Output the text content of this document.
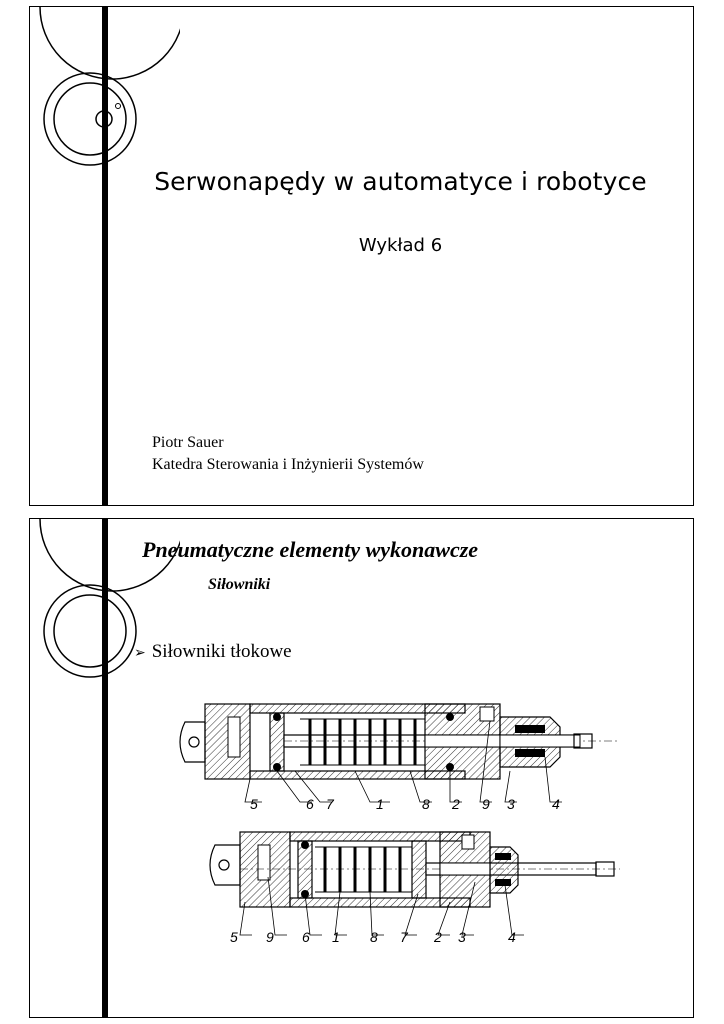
Serwonapędy w automatyce i robotyce
Wykład 6
Piotr Sauer
Katedra Sterowania i Inżynierii Systemów
Pneumatyczne elementy wykonawcze
Siłowniki
➢ Siłowniki tłokowe
5	6 7	1	8 2 9 3	4
5 9 6 1 8 7 2 3	4
